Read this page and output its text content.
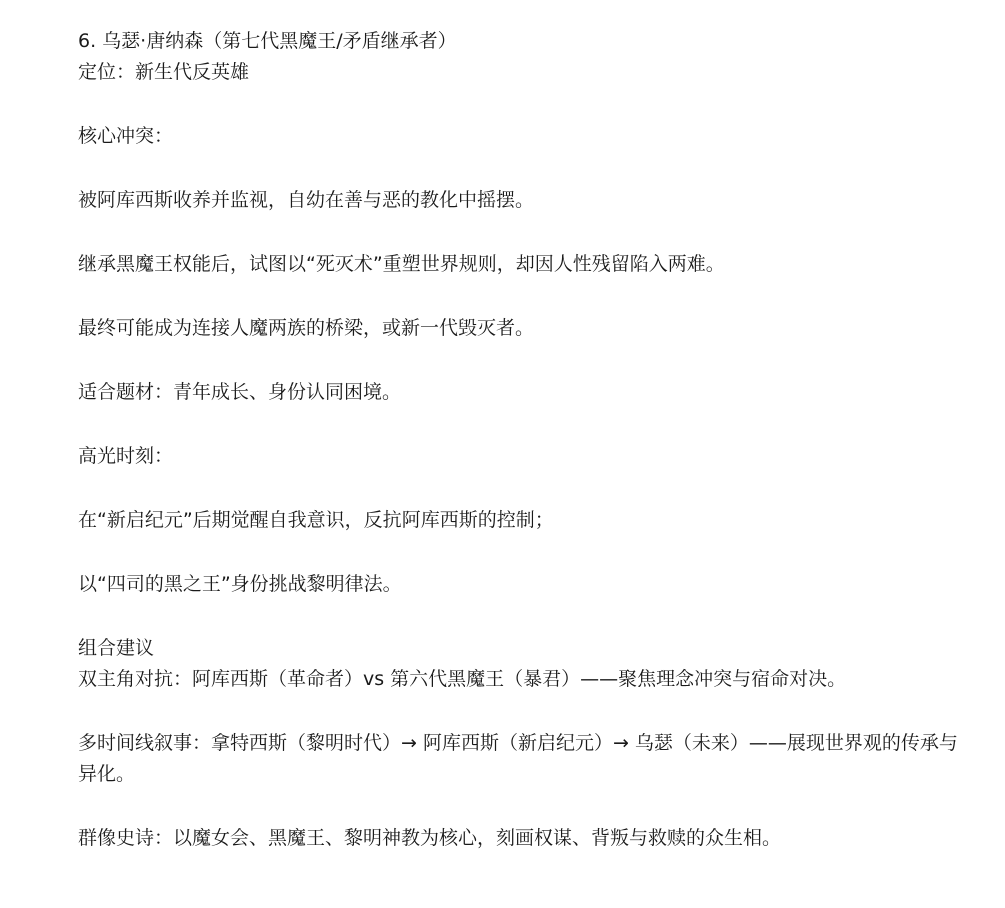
6. 乌瑟·唐纳森（第七代黑魔王/矛盾继承者）

定位：新生代反英雄

核心冲突：

被阿库西斯收养并监视，自幼在善与恶的教化中摇摆。

继承黑魔王权能后，试图以“死灭术”重塑世界规则，却因人性残留陷入两难。

最终可能成为连接人魔两族的桥梁，或新一代毁灭者。

适合题材：青年成长、身份认同困境。

高光时刻：

在“新启纪元”后期觉醒自我意识，反抗阿库西斯的控制；

以“四司的黑之王”身份挑战黎明律法。

组合建议

双主角对抗：阿库西斯（革命者）vs 第六代黑魔王（暴君）——聚焦理念冲突与宿命对决。

多时间线叙事：拿特西斯（黎明时代）→ 阿库西斯（新启纪元）→ 乌瑟（未来）——展现世界观的传承与异化。

群像史诗：以魔女会、黑魔王、黎明神教为核心，刻画权谋、背叛与救赎的众生相。
